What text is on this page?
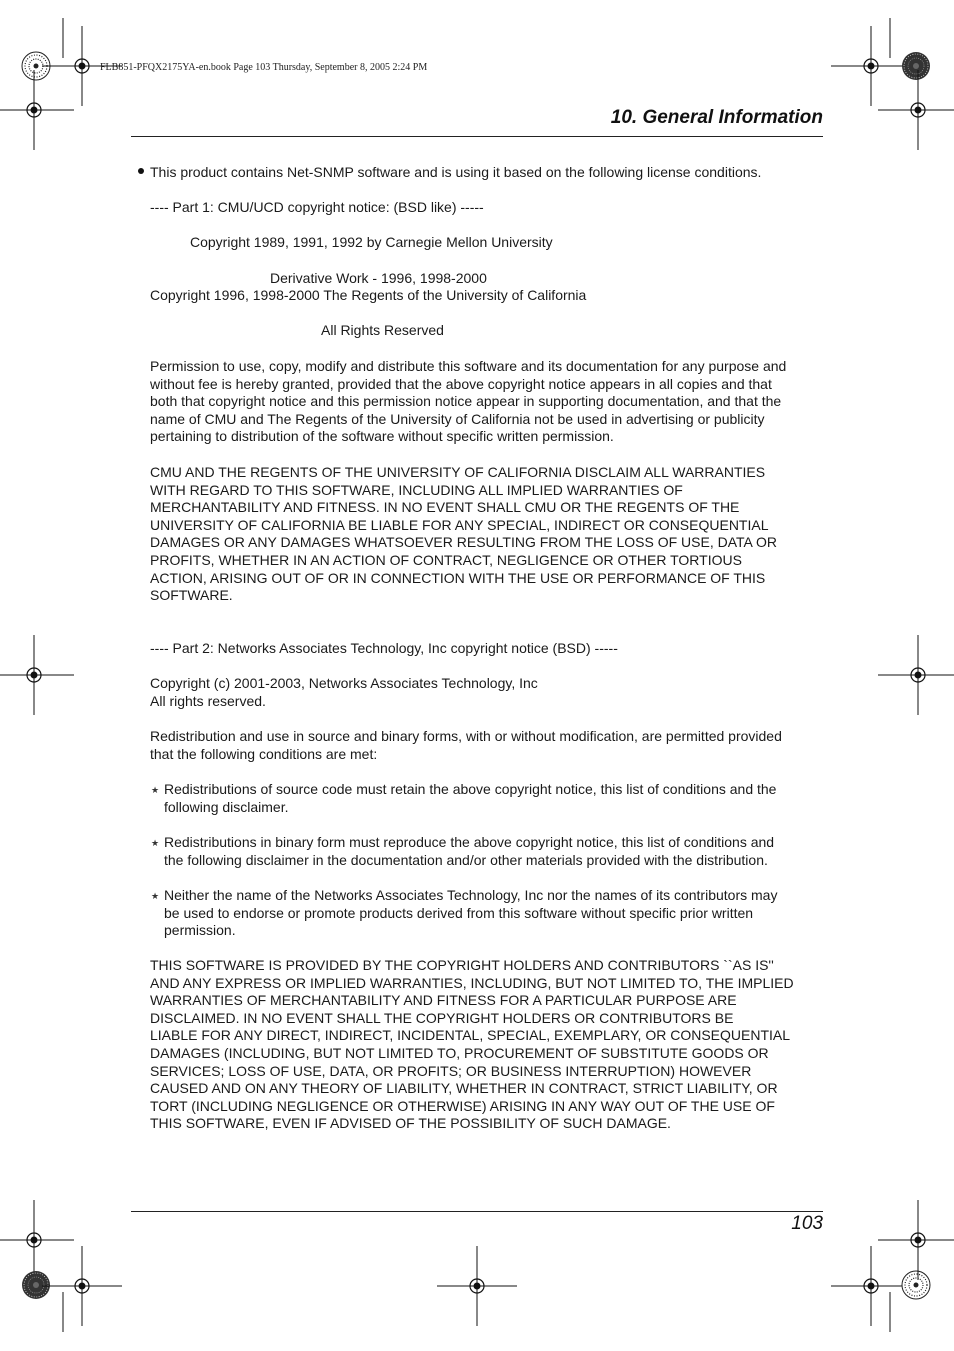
FLB851-PFQX2175YA-en.book Page 103 Thursday, September 8, 2005 2:24 PM
10. General Information
This product contains Net-SNMP software and is using it based on the following license conditions.
---- Part 1: CMU/UCD copyright notice: (BSD like) -----
Copyright 1989, 1991, 1992 by Carnegie Mellon University
Derivative Work - 1996, 1998-2000
Copyright 1996, 1998-2000 The Regents of the University of California
All Rights Reserved
Permission to use, copy, modify and distribute this software and its documentation for any purpose and
without fee is hereby granted, provided that the above copyright notice appears in all copies and that
both that copyright notice and this permission notice appear in supporting documentation, and that the
name of CMU and The Regents of the University of California not be used in advertising or publicity
pertaining to distribution of the software without specific written permission.
CMU AND THE REGENTS OF THE UNIVERSITY OF CALIFORNIA DISCLAIM ALL WARRANTIES
WITH REGARD TO THIS SOFTWARE, INCLUDING ALL IMPLIED WARRANTIES OF
MERCHANTABILITY AND FITNESS. IN NO EVENT SHALL CMU OR THE REGENTS OF THE
UNIVERSITY OF CALIFORNIA BE LIABLE FOR ANY SPECIAL, INDIRECT OR CONSEQUENTIAL
DAMAGES OR ANY DAMAGES WHATSOEVER RESULTING FROM THE LOSS OF USE, DATA OR
PROFITS, WHETHER IN AN ACTION OF CONTRACT, NEGLIGENCE OR OTHER TORTIOUS
ACTION, ARISING OUT OF OR IN CONNECTION WITH THE USE OR PERFORMANCE OF THIS
SOFTWARE.
---- Part 2: Networks Associates Technology, Inc copyright notice (BSD) -----
Copyright (c) 2001-2003, Networks Associates Technology, Inc
All rights reserved.
Redistribution and use in source and binary forms, with or without modification, are permitted provided
that the following conditions are met:
★ Redistributions of source code must retain the above copyright notice, this list of conditions and the
following disclaimer.
★ Redistributions in binary form must reproduce the above copyright notice, this list of conditions and
the following disclaimer in the documentation and/or other materials provided with the distribution.
★ Neither the name of the Networks Associates Technology, Inc nor the names of its contributors may
be used to endorse or promote products derived from this software without specific prior written
permission.
THIS SOFTWARE IS PROVIDED BY THE COPYRIGHT HOLDERS AND CONTRIBUTORS ``AS IS''
AND ANY EXPRESS OR IMPLIED WARRANTIES, INCLUDING, BUT NOT LIMITED TO, THE IMPLIED
WARRANTIES OF MERCHANTABILITY AND FITNESS FOR A PARTICULAR PURPOSE ARE
DISCLAIMED. IN NO EVENT SHALL THE COPYRIGHT HOLDERS OR CONTRIBUTORS BE
LIABLE FOR ANY DIRECT, INDIRECT, INCIDENTAL, SPECIAL, EXEMPLARY, OR CONSEQUENTIAL
DAMAGES (INCLUDING, BUT NOT LIMITED TO, PROCUREMENT OF SUBSTITUTE GOODS OR
SERVICES; LOSS OF USE, DATA, OR PROFITS; OR BUSINESS INTERRUPTION) HOWEVER
CAUSED AND ON ANY THEORY OF LIABILITY, WHETHER IN CONTRACT, STRICT LIABILITY, OR
TORT (INCLUDING NEGLIGENCE OR OTHERWISE) ARISING IN ANY WAY OUT OF THE USE OF
THIS SOFTWARE, EVEN IF ADVISED OF THE POSSIBILITY OF SUCH DAMAGE.
103
